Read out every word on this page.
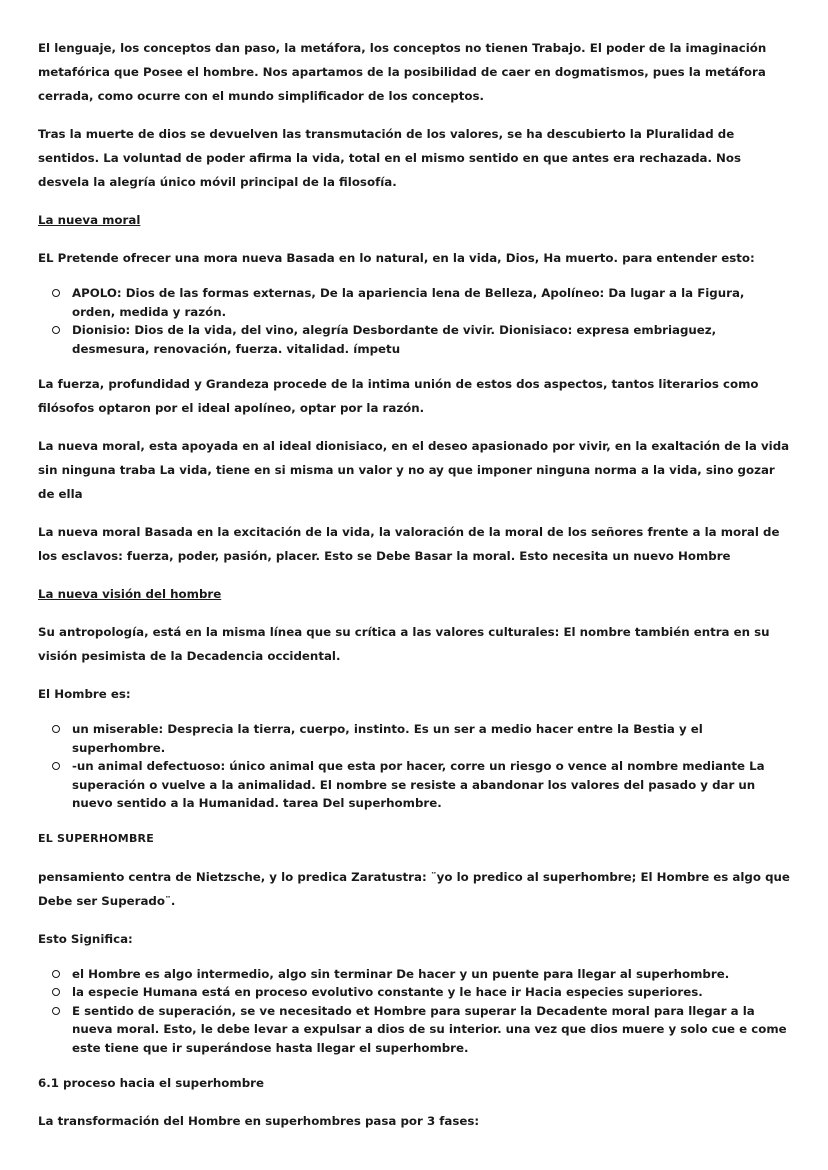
El lenguaje, los conceptos dan paso, la metáfora, los conceptos no tienen Trabajo. El poder de la imaginación metafórica que Posee el hombre. Nos apartamos de la posibilidad de caer en dogmatismos, pues la metáfora cerrada, como ocurre con el mundo simplificador de los conceptos.

Tras la muerte de dios se devuelven las transmutación de los valores, se ha descubierto la Pluralidad de sentidos. La voluntad de poder afirma la vida, total en el mismo sentido en que antes era rechazada. Nos desvela la alegría único móvil principal de la filosofía.

La nueva moral

EL Pretende ofrecer una mora nueva Basada en lo natural, en la vida, Dios, Ha muerto. para entender esto:

APOLO: Dios de las formas externas, De la apariencia lena de Belleza, Apolíneo: Da lugar a la Figura, orden, medida y razón.
Dionisio: Dios de la vida, del vino, alegría Desbordante de vivir. Dionisiaco: expresa embriaguez, desmesura, renovación, fuerza. vitalidad. ímpetu

La fuerza, profundidad y Grandeza procede de la intima unión de estos dos aspectos, tantos literarios como filósofos optaron por el ideal apolíneo, optar por la razón.

La nueva moral, esta apoyada en al ideal dionisiaco, en el deseo apasionado por vivir, en la exaltación de la vida sin ninguna traba La vida, tiene en si misma un valor y no ay que imponer ninguna norma a la vida, sino gozar de ella

La nueva moral Basada en la excitación de la vida, la valoración de la moral de los señores frente a la moral de los esclavos: fuerza, poder, pasión, placer. Esto se Debe Basar la moral. Esto necesita un nuevo Hombre

La nueva visión del hombre

Su antropología, está en la misma línea que su crítica a las valores culturales: El nombre también entra en su visión pesimista de la Decadencia occidental.

El Hombre es:

un miserable: Desprecia la tierra, cuerpo, instinto. Es un ser a medio hacer entre la Bestia y el superhombre.
-un animal defectuoso: único animal que esta por hacer, corre un riesgo o vence al nombre mediante La superación o vuelve a la animalidad. El nombre se resiste a abandonar los valores del pasado y dar un nuevo sentido a la Humanidad. tarea Del superhombre.

EL SUPERHOMBRE

pensamiento centra de Nietzsche, y lo predica Zaratustra: ¨yo lo predico al superhombre; El Hombre es algo que Debe ser Superado¨.

Esto Significa:

el Hombre es algo intermedio, algo sin terminar De hacer y un puente para llegar al superhombre.
la especie Humana está en proceso evolutivo constante y le hace ir Hacia especies superiores.
E sentido de superación, se ve necesitado et Hombre para superar la Decadente moral para llegar a la nueva moral. Esto, le debe levar a expulsar a dios de su interior. una vez que dios muere y solo cue e come este tiene que ir superándose hasta llegar el superhombre.

6.1 proceso hacia el superhombre

La transformación del Hombre en superhombres pasa por 3 fases:
